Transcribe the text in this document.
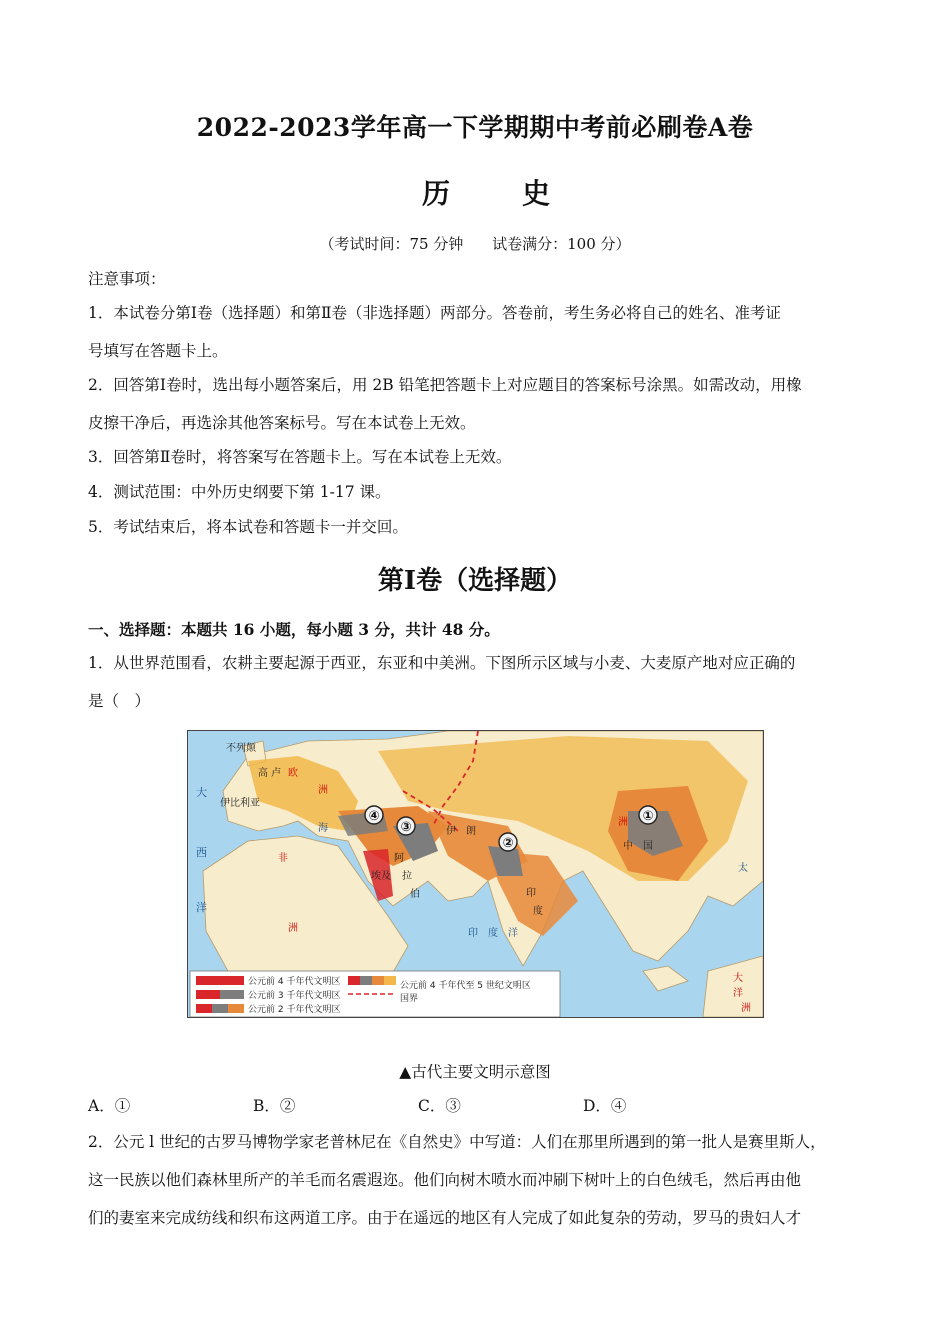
2022-2023学年高一下学期期中考前必刷卷A卷
历　史
（考试时间：75 分钟 试卷满分：100 分）
注意事项：
1．本试卷分第Ⅰ卷（选择题）和第Ⅱ卷（非选择题）两部分。答卷前，考生务必将自己的姓名、准考证
号填写在答题卡上。
2．回答第Ⅰ卷时，选出每小题答案后，用 2B 铅笔把答题卡上对应题目的答案标号涂黑。如需改动，用橡
皮擦干净后，再选涂其他答案标号。写在本试卷上无效。
3．回答第Ⅱ卷时，将答案写在答题卡上。写在本试卷上无效。
4．测试范围：中外历史纲要下第 1-17 课。
5．考试结束后，将本试卷和答题卡一并交回。
第Ⅰ卷（选择题）
一、选择题：本题共 16 小题，每小题 3 分，共计 48 分。
1．从世界范围看，农耕主要起源于西亚，东亚和中美洲。下图所示区域与小麦、大麦原产地对应正确的
是（　）
①
②
③
④
不列颠
欧
洲
高 卢
伊比利亚
大
西
洋
海	伊　朗
阿
拉
伯
非
洲
埃及
印
度
中　国
洲
印　度　洋
太
大
洋
洲
公元前 4 千年代文明区
公元前 3 千年代文明区
公元前 2 千年代文明区
公元前 4 千年代至 5 世纪文明区
国界
▲古代主要文明示意图
A．①	B．②	C．③	D．④
2．公元 l 世纪的古罗马博物学家老普林尼在《自然史》中写道：人们在那里所遇到的第一批人是赛里斯人，
这一民族以他们森林里所产的羊毛而名震遐迩。他们向树木喷水而冲刷下树叶上的白色绒毛，然后再由他
们的妻室来完成纺线和织布这两道工序。由于在遥远的地区有人完成了如此复杂的劳动，罗马的贵妇人才
